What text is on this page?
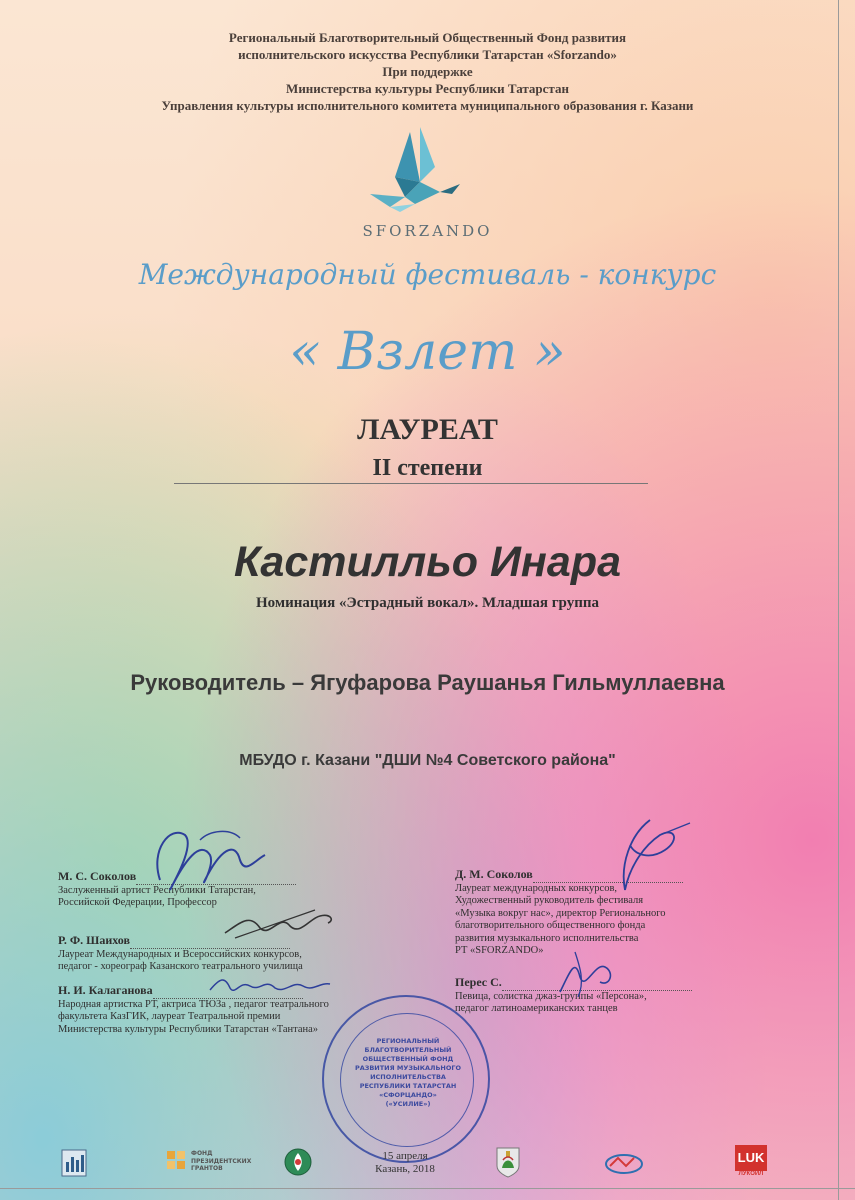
Региональный Благотворительный Общественный Фонд развития
исполнительского искусства Республики Татарстан «Sforzando»
При поддержке
Министерства культуры Республики Татарстан
Управления культуры исполнительного комитета муниципального образования г. Казани
SFORZANDO
Международный фестиваль - конкурс
« Взлет »
ЛАУРЕАТ
II степени
Кастилльо Инара
Номинация «Эстрадный вокал». Младшая группа
Руководитель – Ягуфарова Раушанья Гильмуллаевна
МБУДО г. Казани "ДШИ №4 Советского района"
М. С. Соколов
Заслуженный артист Республики Татарстан,
Российской Федерации, Профессор
Р. Ф. Шаихов
Лауреат Международных и Всероссийских конкурсов,
педагог - хореограф Казанского театрального училища
Н. И. Калаганова
Народная артистка РТ, актриса ТЮЗа , педагог театрального
факультета КазГИК, лауреат Театральной премии
Министерства культуры Республики Татарстан «Тантана»
Д. М. Соколов
Лауреат международных конкурсов,
Художественный руководитель фестиваля
«Музыка вокруг нас», директор Регионального
благотворительного общественного фонда
развития музыкального исполнительства
РТ «SFORZANDO»
Перес С.
Певица, солистка джаз-группы «Персона»,
педагог латиноамериканских танцев
РЕГИОНАЛЬНЫЙ
БЛАГОТВОРИТЕЛЬНЫЙ
ОБЩЕСТВЕННЫЙ ФОНД
РАЗВИТИЯ МУЗЫКАЛЬНОГО
ИСПОЛНИТЕЛЬСТВА
РЕСПУБЛИКИ ТАТАРСТАН
«СФОРЦАНДО»
(«УСИЛИЕ»)
15 апреля
Казань, 2018
ФОНД
ПРЕЗИДЕНТСКИХ
ГРАНТОВ
LUK
ЛУКОЙЛ
